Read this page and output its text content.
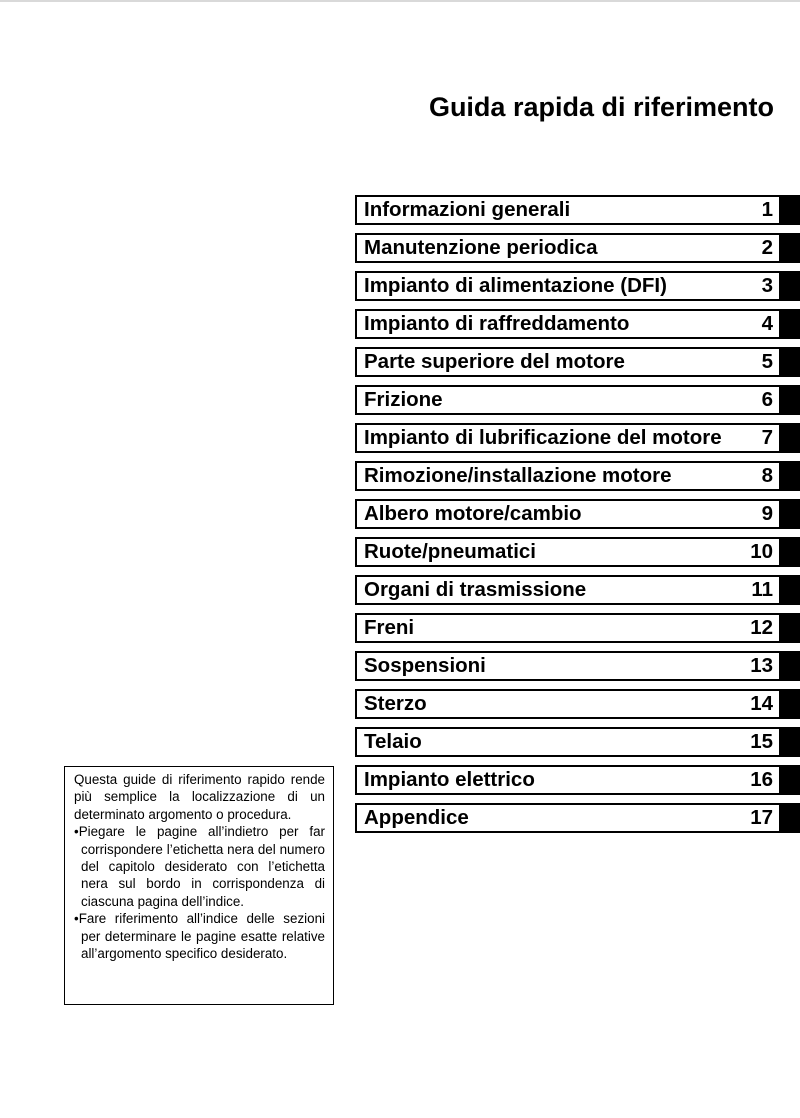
Guida rapida di riferimento
Informazioni generali	1
Manutenzione periodica	2
Impianto di alimentazione (DFI)	3
Impianto di raffreddamento	4
Parte superiore del motore	5
Frizione	6
Impianto di lubrificazione del motore 7
Rimozione/installazione motore	8
Albero motore/cambio	9
Ruote/pneumatici	10
Organi di trasmissione	11
Freni	12
Sospensioni	13
Sterzo	14
Telaio	15
Impianto elettrico	16
Appendice	17

Questa guide di riferimento rapido rende più semplice la localizzazione di un determinato argomento o procedura.

•Piegare le pagine all’indietro per far corrispondere l’etichetta nera del numero del capitolo desiderato con l’etichetta nera sul bordo in corrispondenza di ciascuna pagina dell’indice.

•Fare riferimento all’indice delle sezioni per determinare le pagine esatte relative all’argomento specifico desiderato.
